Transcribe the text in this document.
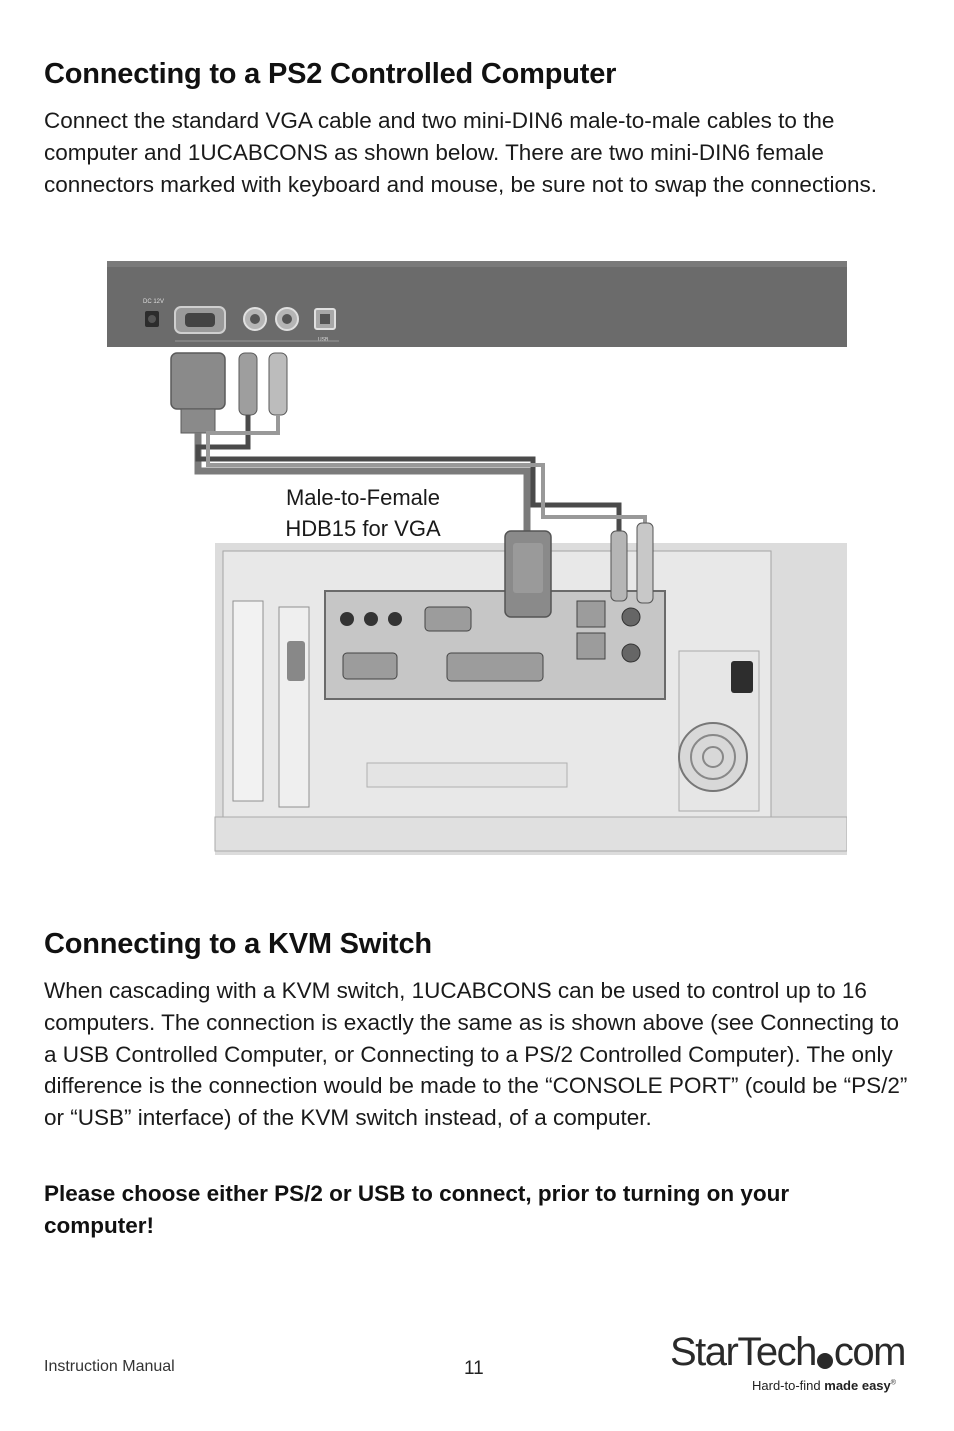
Connecting to a PS2 Controlled Computer

Connect the standard VGA cable and two mini-DIN6 male-to-male cables to the computer and 1UCABCONS as shown below. There are two mini-DIN6 female connectors marked with keyboard and mouse, be sure not to swap the connections.

DC 12V
USB
Male-to-Female
HDB15 for VGA
Connecting to a KVM Switch

When cascading with a KVM switch, 1UCABCONS can be used to control up to 16 computers. The connection is exactly the same as is shown above (see Connecting to a USB Controlled Computer, or Connecting to a PS/2 Controlled Computer). The only difference is the connection would be made to the “CONSOLE PORT” (could be “PS/2” or “USB” interface) of the KVM switch instead, of a computer.

Please choose either PS/2 or USB to connect, prior to turning on your computer!

Instruction Manual	11	StarTech com
Hard-to-find made easy®
